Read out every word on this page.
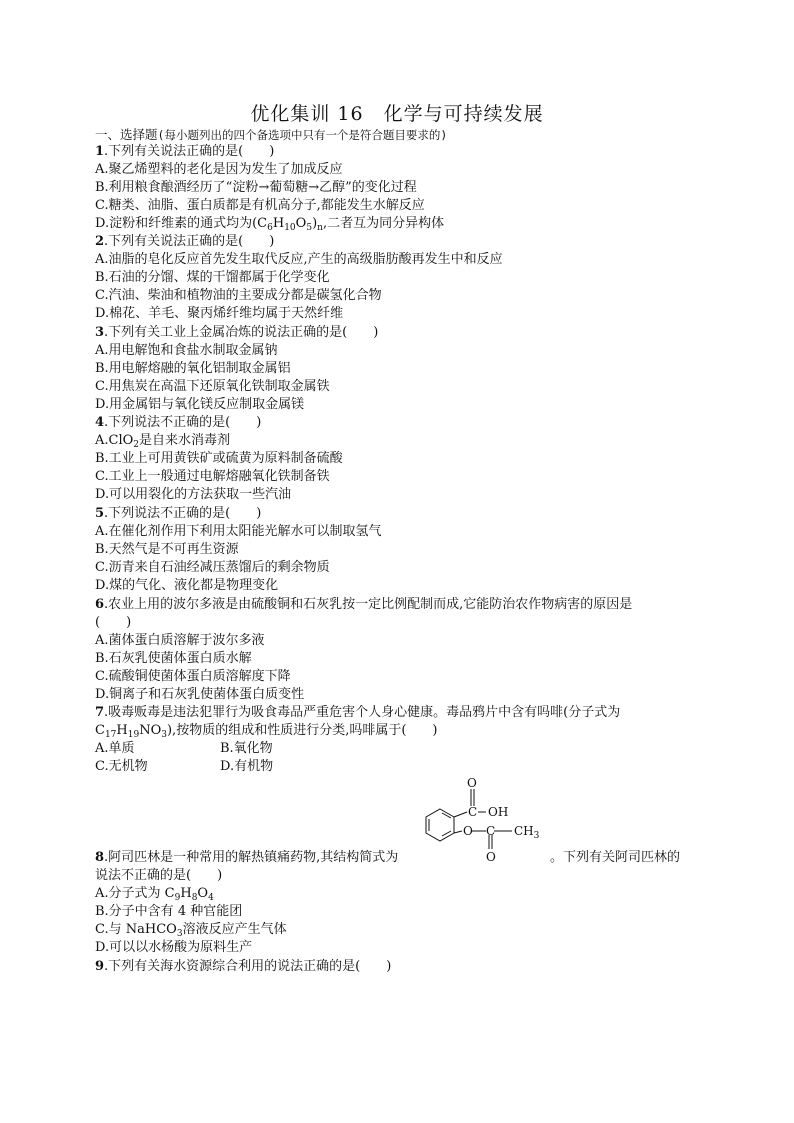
优化集训 16　化学与可持续发展
一、选择题(每小题列出的四个备选项中只有一个是符合题目要求的)
1.下列有关说法正确的是(　　)
A.聚乙烯塑料的老化是因为发生了加成反应
B.利用粮食酿酒经历了“淀粉→葡萄糖→乙醇”的变化过程
C.糖类、油脂、蛋白质都是有机高分子,都能发生水解反应
D.淀粉和纤维素的通式均为$(C_6H_{10}O_5)_n$,二者互为同分异构体
2.下列有关说法正确的是(　　)
A.油脂的皂化反应首先发生取代反应,产生的高级脂肪酸再发生中和反应
B.石油的分馏、煤的干馏都属于化学变化
C.汽油、柴油和植物油的主要成分都是碳氢化合物
D.棉花、羊毛、聚丙烯纤维均属于天然纤维
3.下列有关工业上金属冶炼的说法正确的是(　　)
A.用电解饱和食盐水制取金属钠
B.用电解熔融的氧化铝制取金属铝
C.用焦炭在高温下还原氧化铁制取金属铁
D.用金属铝与氧化镁反应制取金属镁
4.下列说法不正确的是(　　)
A.ClO$_2$是自来水消毒剂
B.工业上可用黄铁矿或硫黄为原料制备硫酸
C.工业上一般通过电解熔融氧化铁制备铁
D.可以用裂化的方法获取一些汽油
5.下列说法不正确的是(　　)
A.在催化剂作用下利用太阳能光解水可以制取氢气
B.天然气是不可再生资源
C.沥青来自石油经减压蒸馏后的剩余物质
D.煤的气化、液化都是物理变化
6.农业上用的波尔多液是由硫酸铜和石灰乳按一定比例配制而成,它能防治农作物病害的原因是
(　　)
A.菌体蛋白质溶解于波尔多液
B.石灰乳使菌体蛋白质水解
C.硫酸铜使菌体蛋白质溶解度下降
D.铜离子和石灰乳使菌体蛋白质变性
7.吸毒贩毒是违法犯罪行为吸食毒品严重危害个人身心健康。毒品鸦片中含有吗啡(分子式为
$C_{17}H_{19}NO_3$),按物质的组成和性质进行分类,吗啡属于(　　)
A.单质	B.氧化物
C.无机物	D.有机物
O
C OH
O C $CH_3$
O
8.阿司匹林是一种常用的解热镇痛药物,其结构简式为	。下列有关阿司匹林的
说法不正确的是(　　)
A.分子式为 $C_9H_8O_4$
B.分子中含有 4 种官能团
C.与 NaHCO$_3$溶液反应产生气体
D.可以以水杨酸为原料生产
9.下列有关海水资源综合利用的说法正确的是(　　)
